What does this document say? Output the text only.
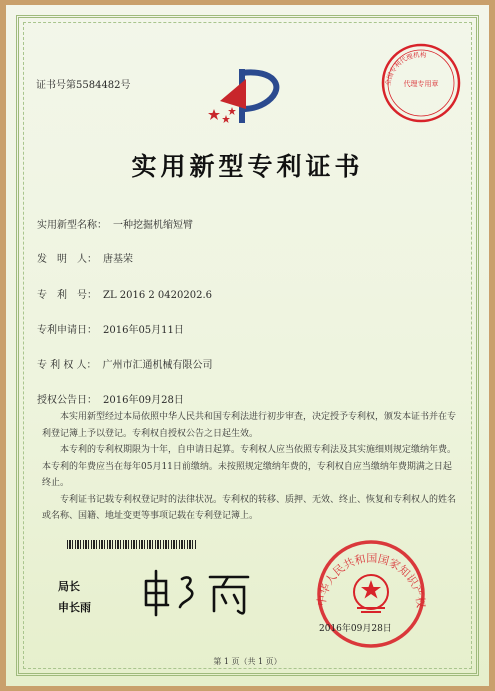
证书号第5584482号	全国专利代理机构
代理专用章
实用新型专利证书
实用新型名称： 一种挖掘机缩短臂
发　明　人： 唐基荣
专　利　号： ZL 2016 2 0420202.6
专利申请日： 2016年05月11日
专 利 权 人： 广州市汇通机械有限公司
授权公告日： 2016年09月28日

本实用新型经过本局依照中华人民共和国专利法进行初步审查，决定授予专利权，颁发本证书并在专利登记簿上予以登记。专利权自授权公告之日起生效。

本专利的专利权期限为十年，自申请日起算。专利权人应当依照专利法及其实施细则规定缴纳年费。本专利的年费应当在每年05月11日前缴纳。未按照规定缴纳年费的，专利权自应当缴纳年费期满之日起终止。

专利证书记载专利权登记时的法律状况。专利权的转移、质押、无效、终止、恢复和专利权人的姓名或名称、国籍、地址变更等事项记载在专利登记簿上。

局长
申长雨
中华人民共和国国家知识产权局
2016年09月28日
第 1 页（共 1 页）
